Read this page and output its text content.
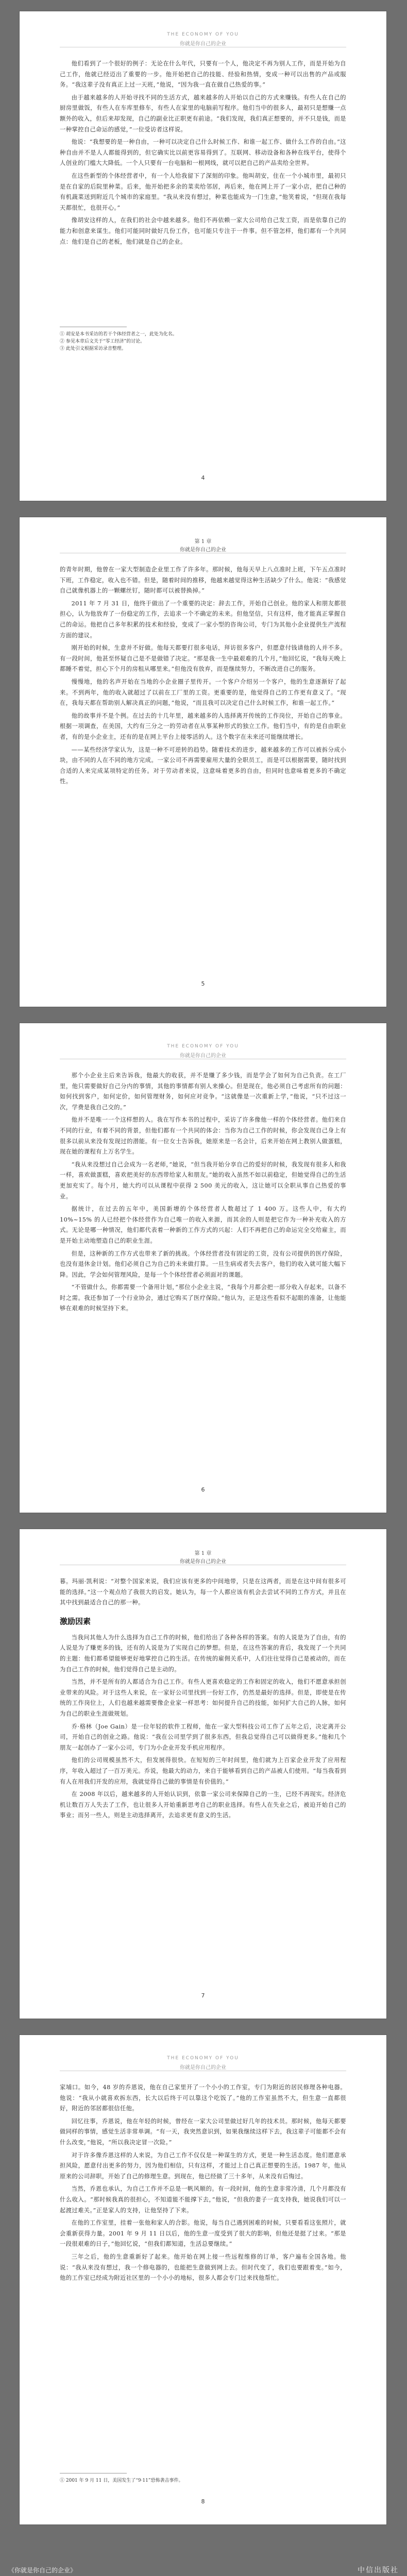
THE ECONOMY OF YOU
你就是你自己的企业

他们看到了一个很好的例子：无论在什么年代，只要有一个人，他决定不再为别人工作，而是开始为自己工作，他就已经迈出了重要的一步。他开始把自己的技能、经验和热情，变成一种可以出售的产品或服务。“我这辈子没有真正上过一天班，”他说，“因为我一直在做自己热爱的事。”

由于越来越多的人开始寻找不同的生活方式，越来越多的人开始以自己的方式来赚钱。有些人在自己的厨房里做饭，有些人在车库里修车，有些人在家里的电脑前写程序。他们当中的很多人，最初只是想赚一点额外的收入，但后来却发现，自己的副业比正职更有前途。“我们发现，我们真正想要的，并不只是钱，而是一种掌控自己命运的感觉，”一位受访者这样说。

他说：“我想要的是一种自由，一种可以决定自己什么时候工作、和谁一起工作、做什么工作的自由。”这种自由并不是人人都能得到的，但它确实比以前更容易得到了。互联网、移动设备和各种在线平台，使得个人创业的门槛大大降低。一个人只要有一台电脑和一根网线，就可以把自己的产品卖给全世界。

在这些新型的个体经营者中，有一个人给我留下了深刻的印象。他叫胡安，住在一个小城市里，最初只是在自家的后院里种菜。后来，他开始把多余的菜卖给邻居，再后来，他在网上开了一家小店，把自己种的有机蔬菜送到附近几个城市的家庭里。“我从来没有想过，种菜也能成为一门生意，”他笑着说，“但现在我每天都很忙，也很开心。”

像胡安这样的人，在我们的社会中越来越多。他们不再依赖一家大公司给自己发工资，而是依靠自己的能力和创意来谋生。他们可能同时做好几份工作，也可能只专注于一件事。但不管怎样，他们都有一个共同点：他们是自己的老板，他们就是自己的企业。

① 胡安是本书采访的若干个体经营者之一，此处为化名。
② 参见本章后文关于“零工经济”的讨论。
③ 此处引文根据采访录音整理。
4
第 1 章
你就是你自己的企业

的青年时期，他曾在一家大型制造企业里工作了许多年。那时候，他每天早上八点准时上班，下午五点准时下班，工作稳定，收入也不错。但是，随着时间的推移，他越来越觉得这种生活缺少了什么。他说：“我感觉自己就像机器上的一颗螺丝钉，随时都可以被替换掉。”

2011 年 7 月 31 日，他终于做出了一个重要的决定：辞去工作，开始自己创业。他的家人和朋友都很担心，认为他放弃了一份稳定的工作，去追求一个不确定的未来。但他坚信，只有这样，他才能真正掌握自己的命运。他把自己多年积累的技术和经验，变成了一家小型的咨询公司，专门为其他小企业提供生产流程方面的建议。

刚开始的时候，生意并不好做。他每天都要打很多电话，拜访很多客户，但愿意付钱请他的人并不多。有一段时间，他甚至怀疑自己是不是做错了决定。“那是我一生中最艰难的几个月，”他回忆说，“我每天晚上都睡不着觉，担心下个月的房租从哪里来。”但他没有放弃，而是继续努力，不断改进自己的服务。

慢慢地，他的名声开始在当地的小企业圈子里传开。一个客户介绍另一个客户，他的生意逐渐好了起来。不到两年，他的收入就超过了以前在工厂里的工资。更重要的是，他觉得自己的工作更有意义了。“现在，我每天都在帮助别人解决真正的问题，”他说，“而且我可以决定自己什么时候工作，和谁一起工作。”

他的故事并不是个例。在过去的十几年里，越来越多的人选择离开传统的工作岗位，开始自己的事业。根据一项调查，在美国，大约有三分之一的劳动者在从事某种形式的独立工作。他们当中，有的是自由职业者，有的是小企业主，还有的是在网上平台上接零活的人。这个数字在未来还可能继续增长。

——某些经济学家认为，这是一种不可逆转的趋势。随着技术的进步，越来越多的工作可以被拆分成小块，由不同的人在不同的地方完成。一家公司不再需要雇用大量的全职员工，而是可以根据需要，随时找到合适的人来完成某项特定的任务。对于劳动者来说，这意味着更多的自由，但同时也意味着更多的不确定性。

5
THE ECONOMY OF YOU
你就是你自己的企业

那个小企业主后来告诉我，他最大的收获，并不是赚了多少钱，而是学会了如何为自己负责。在工厂里，他只需要做好自己分内的事情，其他的事情都有别人来操心。但是现在，他必须自己考虑所有的问题：如何找到客户，如何定价，如何管理财务，如何应对竞争。“这就像是一次重新上学，”他说，“只不过这一次，学费是我自己交的。”

他并不是唯一一个这样想的人。我在写作本书的过程中，采访了许多像他一样的个体经营者。他们来自不同的行业，有着不同的背景，但他们都有一个共同的体会：当你为自己工作的时候，你会发现自己身上有很多以前从来没有发现过的潜能。有一位女士告诉我，她原来是一名会计，后来开始在网上教别人做蛋糕，现在她的课程有上万名学生。

“我从来没想过自己会成为一名老师，”她说，“但当我开始分享自己的爱好的时候，我发现有很多人和我一样，喜欢做蛋糕，喜欢把美好的东西带给家人和朋友。”她的收入虽然不如以前稳定，但她觉得自己的生活更加充实了。每个月，她大约可以从课程中获得 2 500 美元的收入，这让她可以全职从事自己热爱的事业。

据统计，在过去的五年中，美国新增的个体经营者人数超过了 1 400 万。这些人中，有大约 10%~15% 的人已经把个体经营作为自己唯一的收入来源，而其余的人则是把它作为一种补充收入的方式。无论是哪一种情况，他们都代表着一种新的工作方式的兴起：人们不再把自己的命运完全交给雇主，而是开始主动地塑造自己的职业生涯。

但是，这种新的工作方式也带来了新的挑战。个体经营者没有固定的工资，没有公司提供的医疗保险，也没有退休金计划。他们必须自己为自己的未来做打算。一旦生病或者失去客户，他们的收入就可能大幅下降。因此，学会如何管理风险，是每一个个体经营者必须面对的课题。

“不管做什么，你都需要一个备用计划，”那位小企业主说，“我每个月都会把一部分收入存起来，以备不时之需。我还参加了一个行业协会，通过它购买了医疗保险。”他认为，正是这些看似不起眼的准备，让他能够在艰难的时候坚持下来。

6
第 1 章
你就是你自己的企业

暮。玛丽·凯利说：“对整个国家来说，我们应该有更多的中间地带，只是在这两者，而是在这中间有很多可能的选择。”这一个观点给了我很大的启发。她认为，每一个人都应该有机会去尝试不同的工作方式，并且在其中找到最适合自己的那一种。

激励因素

当我问其他人为什么选择为自己工作的时候，他们给出了各种各样的答案。有的人说是为了自由，有的人说是为了赚更多的钱，还有的人说是为了实现自己的梦想。但是，在这些答案的背后，我发现了一个共同的主题：他们都希望能够更好地掌控自己的生活。在传统的雇佣关系中，人们往往觉得自己是被动的，而在为自己工作的时候，他们觉得自己是主动的。

当然，并不是所有的人都适合为自己工作。有些人更喜欢稳定的工作和固定的收入，他们不愿意承担创业带来的风险。对于这些人来说，在一家好公司里找到一份好工作，仍然是最好的选择。但是，即使是在传统的工作岗位上，人们也越来越需要像企业家一样思考：如何提升自己的技能，如何扩大自己的人脉，如何为自己的职业生涯做规划。

乔·格林（Joe Gain）是一位年轻的软件工程师，他在一家大型科技公司工作了五年之后，决定离开公司，开始自己的创业之路。他说：“我在公司里学到了很多东西，但我总觉得自己可以做得更多。”他和几个朋友一起创办了一家小公司，专门为小企业开发手机应用程序。

他们的公司规模虽然不大，但发展得很快。在短短的三年时间里，他们就为上百家企业开发了应用程序，年收入超过了一百万美元。乔说，他最大的动力，来自于能够看到自己的产品被人们使用。“每当我看到有人在用我们开发的应用，我就觉得自己做的事情是有价值的。”

在 2008 年以后，越来越多的人开始认识到，依靠一家公司来保障自己的一生，已经不再现实。经济危机让数百万人失去了工作，也让很多人开始重新思考自己的职业选择。有些人在失业之后，被迫开始自己的事业；而另一些人，则是主动选择离开，去追求更有意义的生活。

7
THE ECONOMY OF YOU
你就是你自己的企业

家埔口。如今，48 岁的乔恩说，他在自己家里开了一个小小的工作室，专门为附近的居民修理各种电器。他说：“我从小就喜欢拆东西，长大以后终于可以靠这个吃饭了。”他的工作室虽然不大，但生意一直都很好，附近的邻居都很信任他。

回忆往事，乔恩说，他在年轻的时候，曾经在一家大公司里做过好几年的技术员。那时候，他每天都要做同样的事情，感觉生活非常单调。“有一天，我突然意识到，如果我继续这样下去，我这辈子可能都不会有什么改变，”他说，“所以我决定冒一次险。”

对于许多像乔恩这样的人来说，为自己工作不仅仅是一种谋生的方式，更是一种生活态度。他们愿意承担风险，愿意付出更多的努力，因为他们相信，只有这样，才能过上自己真正想要的生活。1987 年，他从原来的公司辞职，开始了自己的修理生意。到现在，他已经做了三十多年，从来没有后悔过。

当然，乔恩也承认，为自己工作并不总是一帆风顺的。有一段时间，他的生意非常冷清，几个月都没有什么收入。“那时候我真的很担心，不知道能不能撑下去，”他说，“但我的妻子一直支持我，她说我们可以一起渡过难关。”正是家人的支持，让他坚持了下来。

在他的工作室里，挂着一张他和家人的合影。他说，每当自己遇到困难的时候，只要看看这张照片，就会重新获得力量。2001 年 9 月 11 日以后，他的生意一度受到了很大的影响，但他还是挺了过来。“那是一段很艰难的日子，”他回忆说，“但我们都知道，生活总要继续。”

三年之后，他的生意重新好了起来。他开始在网上接一些远程维修的订单，客户遍布全国各地。他说：“我从来没有想过，我一个修电器的，也能把生意做到网上去。但时代变了，我们也要跟着变。”如今，他的工作室已经成为附近社区里的一个小小的地标，很多人都会专门过来找他帮忙。

① 2001 年 9 月 11 日，美国发生了“9·11”恐怖袭击事件。
8
《你就是你自己的企业》	中信出版社
